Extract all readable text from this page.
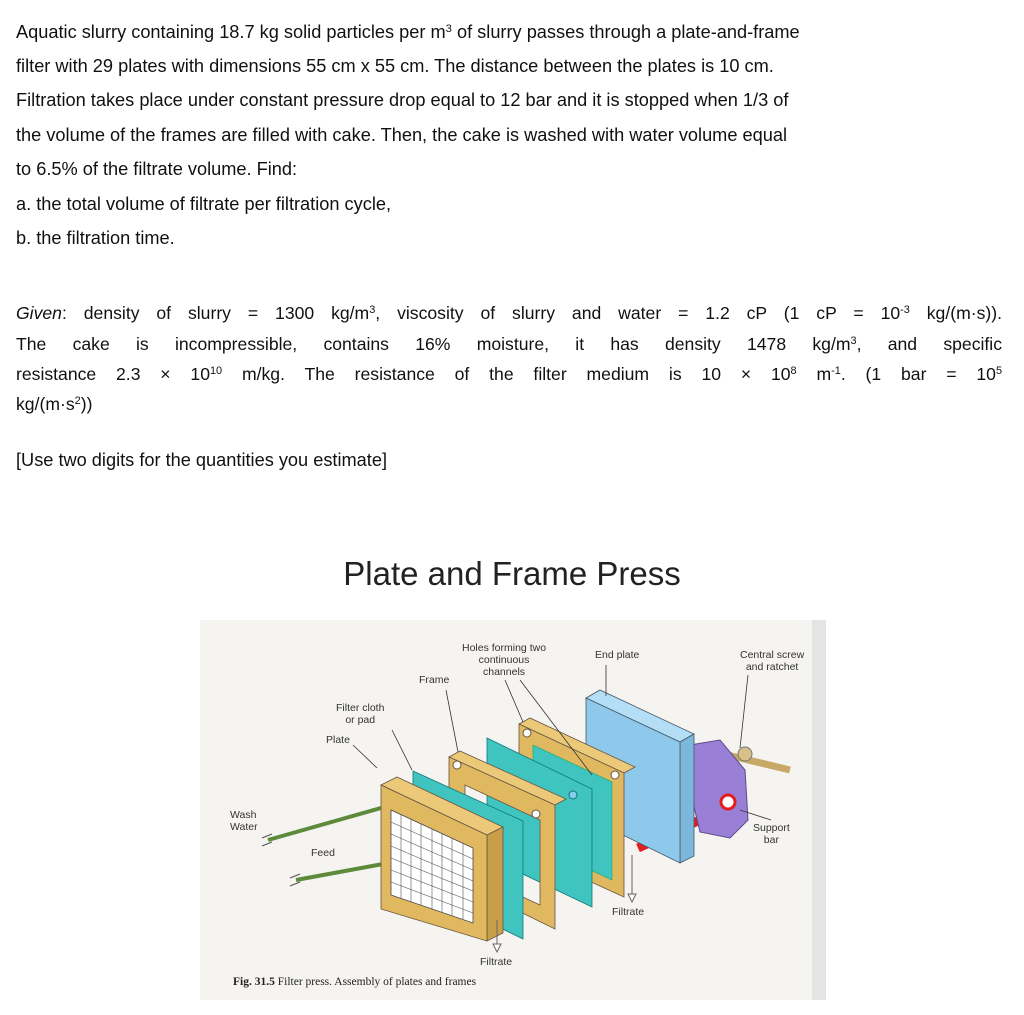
Aquatic slurry containing 18.7 kg solid particles per $m^3$ of slurry passes through a plate-and-frame
filter with 29 plates with dimensions 55 cm x 55 cm. The distance between the plates is 10 cm.
Filtration takes place under constant pressure drop equal to 12 bar and it is stopped when 1/3 of
the volume of the frames are filled with cake. Then, the cake is washed with water volume equal
to 6.5% of the filtrate volume. Find:
a. the total volume of filtrate per filtration cycle,
b. the filtration time.
Given: density of slurry = 1300 $kg/m^3$, viscosity of slurry and water = 1.2 cP (1 cP = $10^{-3}$ kg/(m·s)).
The cake is incompressible, contains 16% moisture, it has density 1478 $kg/m^3$, and specific
resistance $2.3 \times 10^{10}$ m/kg. The resistance of the filter medium is $10 \times 10^8$ $m^{-1}$. (1 bar = $10^5$
$kg/(m\cdot s^2)$)
[Use two digits for the quantities you estimate]
Plate and Frame Press
Holes forming two
continuous
channels
End plate	Central screw
and ratchet
Frame
Filter cloth
or pad
Plate
Wash
Water
Feed
Support
bar
Filtrate
Filtrate
Fig. 31.5 Filter press. Assembly of plates and frames
